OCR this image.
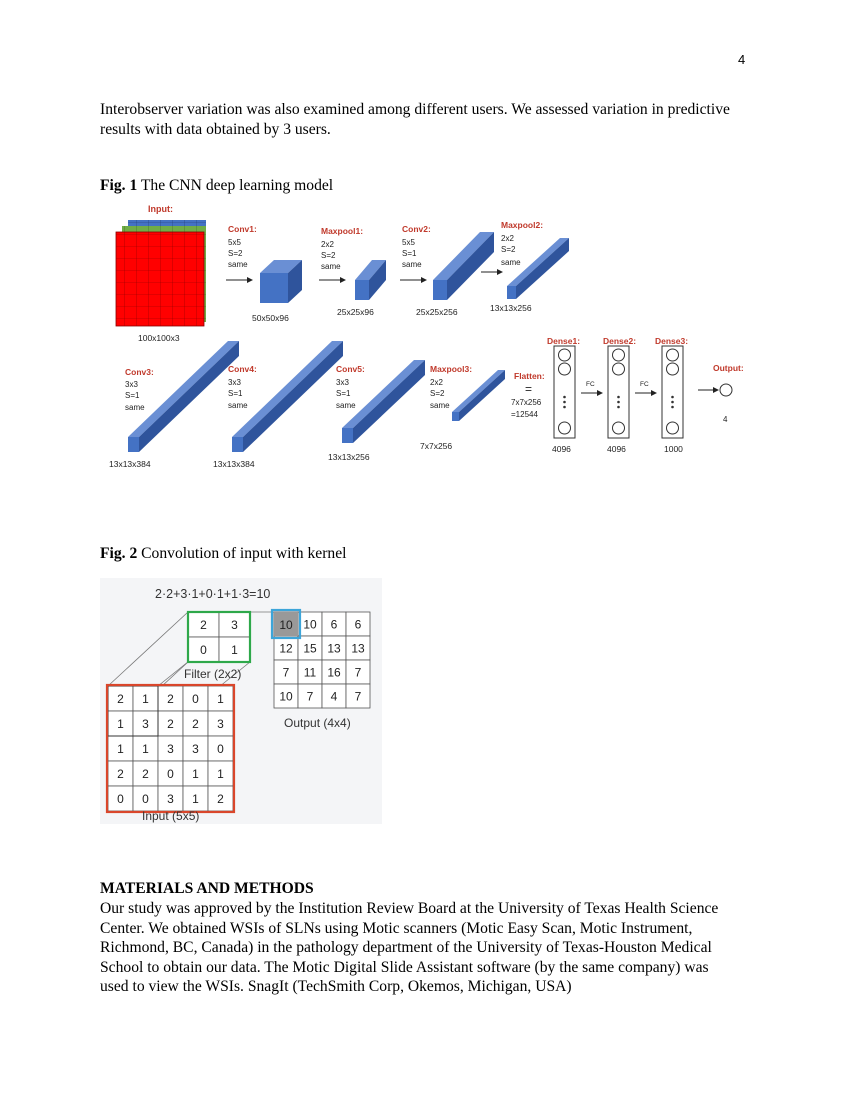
4
Interobserver variation was also examined among different users. We assessed variation in predictive results with data obtained by 3 users.
Fig. 1 The CNN deep learning model
Input:
100x100x3
Conv1:
5x5
S=2
same
50x50x96
Maxpool1:
2x2
S=2
same
25x25x96
Conv2:
5x5
S=1
same
25x25x256
Maxpool2:
2x2
S=2
same
13x13x256
Conv3:
3x3
S=1
same
13x13x384
Conv4:
3x3
S=1
same
13x13x384
Conv5:
3x3
S=1
same
13x13x256
Maxpool3:
2x2
S=2
same
7x7x256
Flatten:
=
7x7x256
=12544
Dense1:
4096
FC
Dense2:
4096
FC
Dense3:
1000
Output:
4
Fig. 2 Convolution of input with kernel
2·2+3·1+0·1+1·3=10
2 3
0 1
Filter (2x2)
10 6 6
12 15 13 13
7 11 16 7
10 7 4 7
10
Output (4x4)
2 1 2 0 1
1 3 2 2 3
1 1 3 3 0
2 2 0 1 1
0 0 3 1 2
Input (5x5)
MATERIALS AND METHODS
Our study was approved by the Institution Review Board at the University of Texas Health Science Center. We obtained WSIs of SLNs using Motic scanners (Motic Easy Scan, Motic Instrument, Richmond, BC, Canada) in the pathology department of the University of Texas-Houston Medical School to obtain our data. The Motic Digital Slide Assistant software (by the same company) was used to view the WSIs. SnagIt (TechSmith Corp, Okemos, Michigan, USA)
